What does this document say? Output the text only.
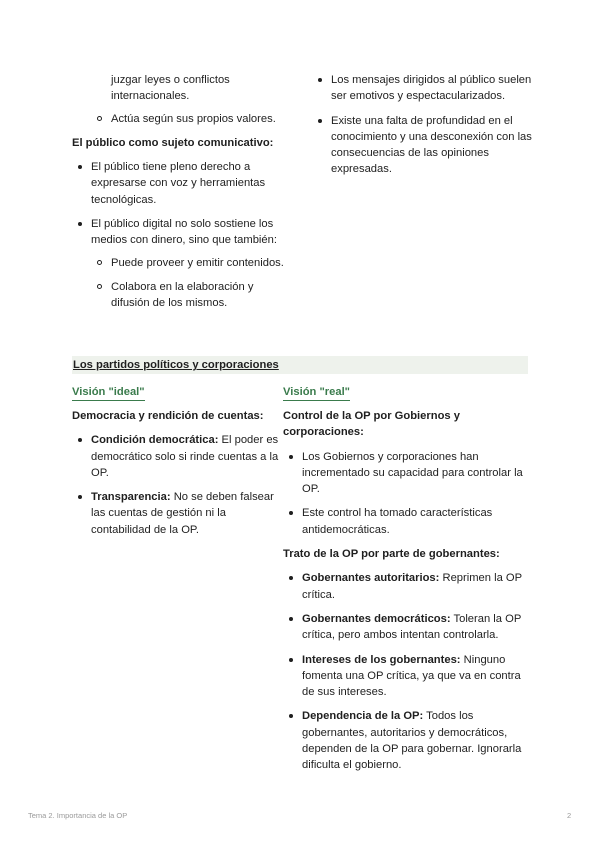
juzgar leyes o conflictos internacionales.
Actúa según sus propios valores.
El público como sujeto comunicativo:
El público tiene pleno derecho a expresarse con voz y herramientas tecnológicas.
El público digital no solo sostiene los medios con dinero, sino que también:
Puede proveer y emitir contenidos.
Colabora en la elaboración y difusión de los mismos.
Los mensajes dirigidos al público suelen ser emotivos y espectacularizados.
Existe una falta de profundidad en el conocimiento y una desconexión con las consecuencias de las opiniones expresadas.
Los partidos políticos y corporaciones
Visión "ideal"
Democracia y rendición de cuentas:
Condición democrática: El poder es democrático solo si rinde cuentas a la OP.
Transparencia: No se deben falsear las cuentas de gestión ni la contabilidad de la OP.
Visión "real"
Control de la OP por Gobiernos y corporaciones:
Los Gobiernos y corporaciones han incrementado su capacidad para controlar la OP.
Este control ha tomado características antidemocráticas.
Trato de la OP por parte de gobernantes:
Gobernantes autoritarios: Reprimen la OP crítica.
Gobernantes democráticos: Toleran la OP crítica, pero ambos intentan controlarla.
Intereses de los gobernantes: Ninguno fomenta una OP crítica, ya que va en contra de sus intereses.
Dependencia de la OP: Todos los gobernantes, autoritarios y democráticos, dependen de la OP para gobernar. Ignorarla dificulta el gobierno.
Tema 2. Importancia de la OP	2
